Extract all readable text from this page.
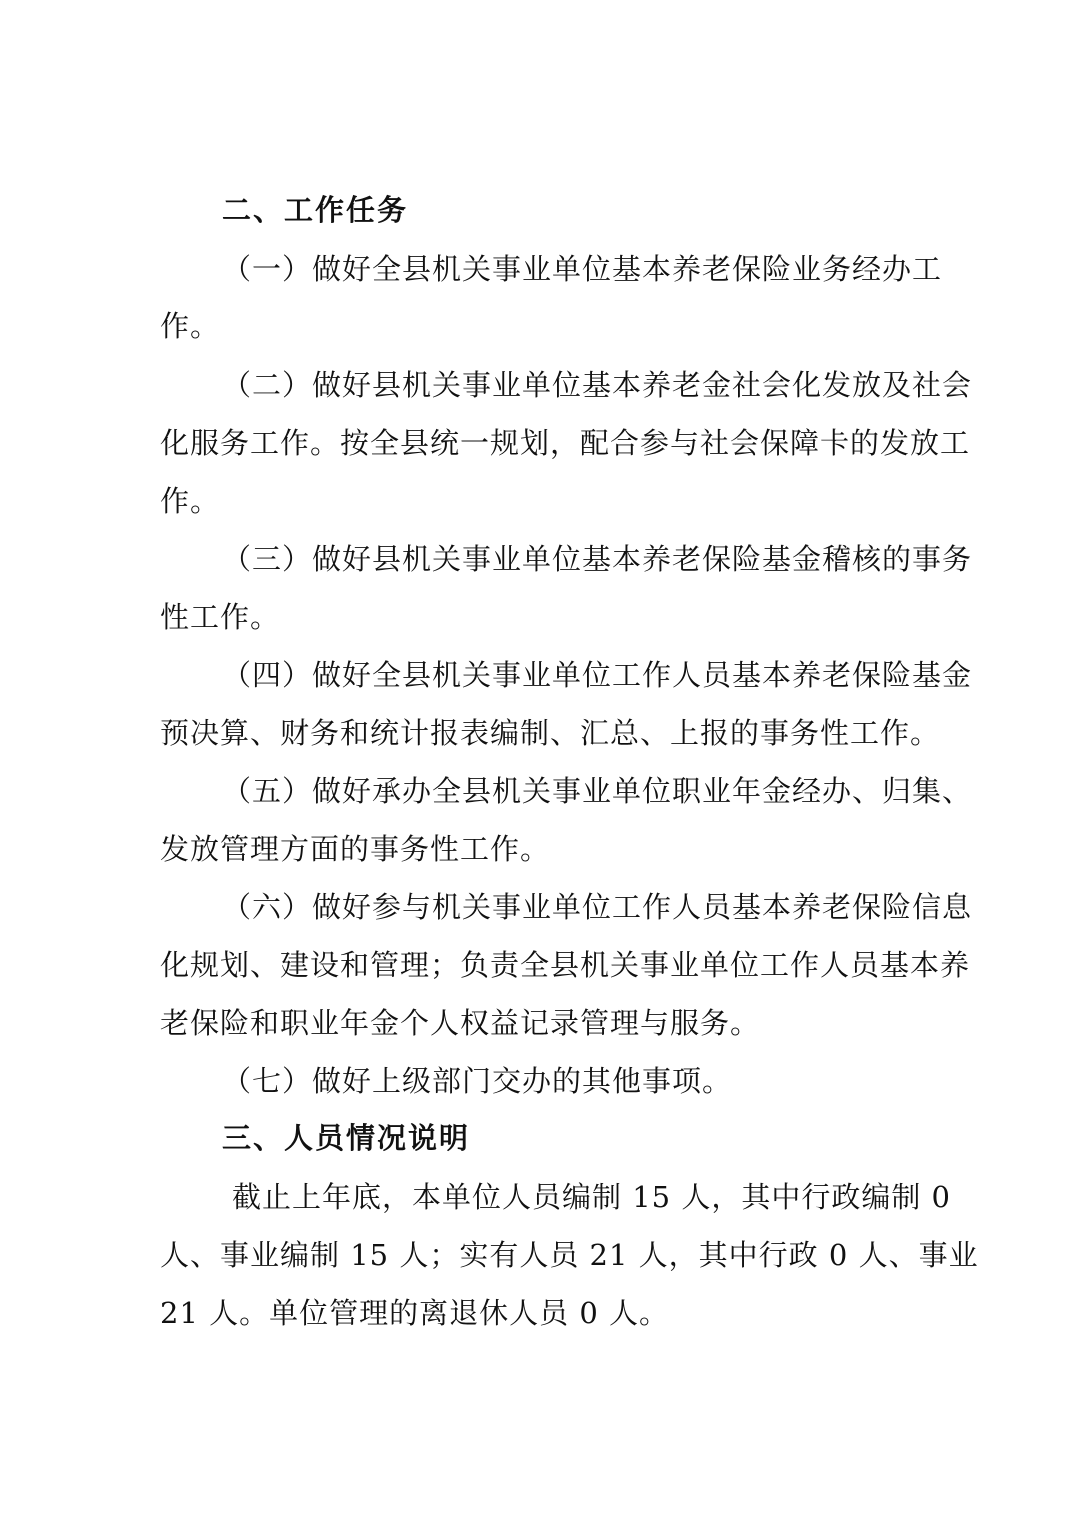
二、工作任务
（一）做好全县机关事业单位基本养老保险业务经办工
作。
（二）做好县机关事业单位基本养老金社会化发放及社会
化服务工作。按全县统一规划，配合参与社会保障卡的发放工
作。
（三）做好县机关事业单位基本养老保险基金稽核的事务
性工作。
（四）做好全县机关事业单位工作人员基本养老保险基金
预决算、财务和统计报表编制、汇总、上报的事务性工作。
（五）做好承办全县机关事业单位职业年金经办、归集、
发放管理方面的事务性工作。
（六）做好参与机关事业单位工作人员基本养老保险信息
化规划、建设和管理；负责全县机关事业单位工作人员基本养
老保险和职业年金个人权益记录管理与服务。
（七）做好上级部门交办的其他事项。
三、人员情况说明
截止上年底，本单位人员编制 15 人，其中行政编制 0
人、事业编制 15 人；实有人员 21 人，其中行政 0 人、事业
21 人。单位管理的离退休人员 0 人。
